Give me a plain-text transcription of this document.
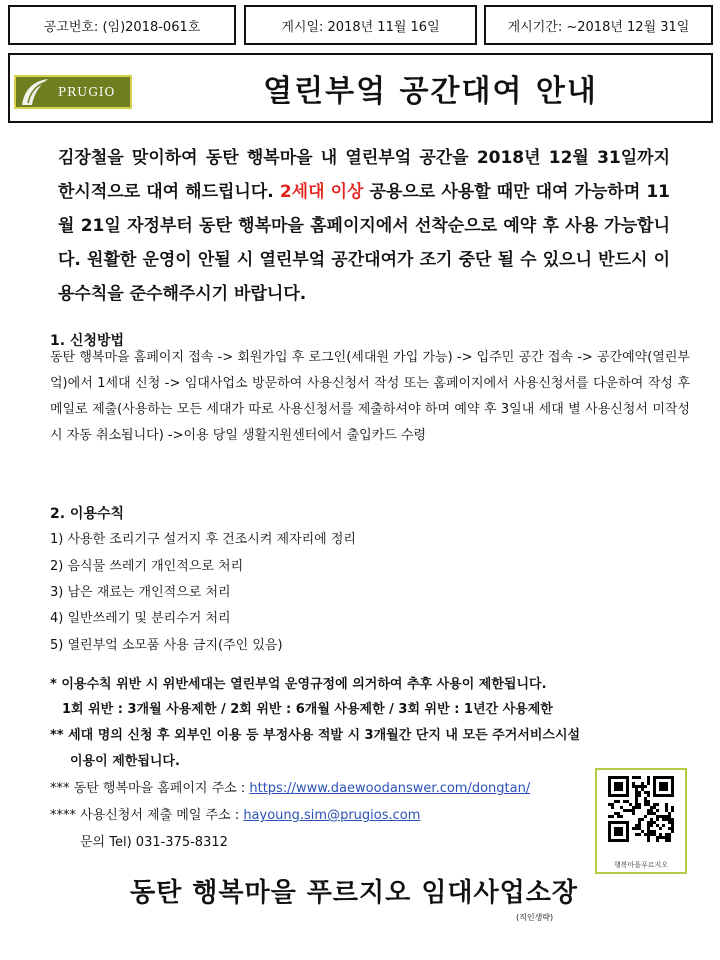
공고번호: (임)2018-061호	게시일: 2018년 11월 16일	게시기간: ~2018년 12월 31일
PRUGIO	열린부엌 공간대여 안내
김장철을 맞이하여 동탄 행복마을 내 열린부엌 공간을 2018년 12월 31일까지 한시적으로 대여 해드립니다. 2세대 이상 공용으로 사용할 때만 대여 가능하며 11월 21일 자정부터 동탄 행복마을 홈페이지에서 선착순으로 예약 후 사용 가능합니다. 원활한 운영이 안될 시 열린부엌 공간대여가 조기 중단 될 수 있으니 반드시 이용수칙을 준수해주시기 바랍니다.
1. 신청방법
동탄 행복마을 홈페이지 접속 -> 회원가입 후 로그인(세대원 가입 가능) -> 입주민 공간 접속 -> 공간예약(열린부엌)에서 1세대 신청 -> 임대사업소 방문하여 사용신청서 작성 또는 홈페이지에서 사용신청서를 다운하여 작성 후 메일로 제출(사용하는 모든 세대가 따로 사용신청서를 제출하셔야 하며 예약 후 3일내 세대 별 사용신청서 미작성 시 자동 취소됩니다) ->이용 당일 생활지원센터에서 출입카드 수령
2. 이용수칙
1) 사용한 조리기구 설거지 후 건조시켜 제자리에 정리
2) 음식물 쓰레기 개인적으로 처리
3) 남은 재료는 개인적으로 처리
4) 일반쓰레기 및 분리수거 처리
5) 열린부엌 소모품 사용 금지(주인 있음)
* 이용수칙 위반 시 위반세대는 열린부엌 운영규정에 의거하여 추후 사용이 제한됩니다.
1회 위반 : 3개월 사용제한 / 2회 위반 : 6개월 사용제한 / 3회 위반 : 1년간 사용제한
** 세대 명의 신청 후 외부인 이용 등 부정사용 적발 시 3개월간 단지 내 모든 주거서비스시설
이용이 제한됩니다.
*** 동탄 행복마을 홈페이지 주소 : https://www.daewoodanswer.com/dongtan/
**** 사용신청서 제출 메일 주소 : hayoung.sim@prugios.com
문의 Tel) 031-375-8312
행복마을푸르지오
동탄 행복마을 푸르지오 임대사업소장
(직인생략)
